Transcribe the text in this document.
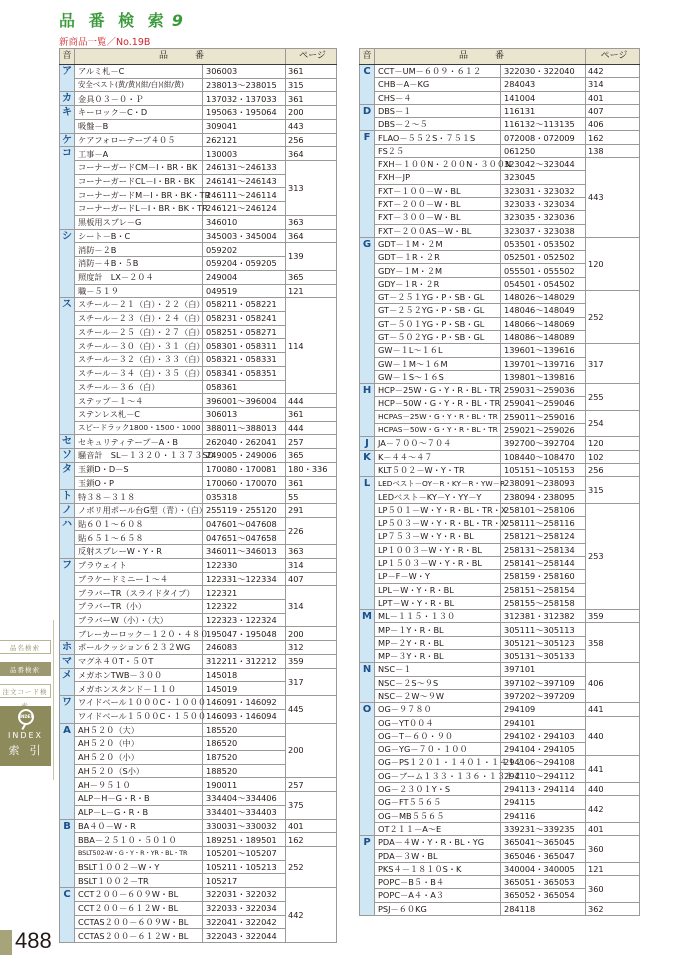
品 番 検 索 9
新商品一覧／No.19B
音	品　　　番		ページ
ア	アルミ札－C	306003	361
	安全ベスト(黄/黄)(紺/白)(紺/黄)	238013～238015	315
カ	金具０３－０・Ｐ	137032・137033	361
キ	キーロック－C・D	195063・195064	200
	吸盤－B	309041	443
ケ	ケアフォローテープ４０５	262121	256
コ	工事－A	130003	364
	コーナーガードCM－Ⅰ・BR・BK	246131～246133	313
	コーナーガードCL－Ⅰ・BR・BK	246141～246143	
	コーナーガードM－Ⅰ・BR・BK・TR	246111～246114	
	コーナーガードL－Ⅰ・BR・BK・TR	246121～246124	
	黒板用スプレ－G	346010	363
シ	シート－B・C	345003・345004	364
	消防－２B	059202	139
	消防－４B・５B	059204・059205	
	照度計　LX－２０４	249004	365
	職－５１９	049519	121
ス	スチール－２１（白）・２２（白）	058211・058221	114
	スチール－２３（白）・２４（白）	058231・058241	
	スチール－２５（白）・２７（白）	058251・058271	
	スチール－３０（白）・３１（白）	058301・058311	
	スチール－３２（白）・３３（白）	058321・058331	
	スチール－３４（白）・３５（白）	058341・058351	
	スチール－３６（白）	058361	
	ステップ－１～４	396001～396004	444
	ステンレス札－C	306013	361
	スピードラック1800・1500・1000	388011～388013	444
セ	セキュリティテープ－A・B	262040・262041	257
ソ	騒音計　SL－１３２０・１３７３SD	249005・249006	365
タ	玉鎖D・D－S	170080・170081	180・336
	玉鎖O・P	170060・170070	361
ト	特３８－３１８	035318	55
ノ	ノボリ用ポール台G型（青）・（白）	255119・255120	291
ハ	貼６０１～６０８	047601～047608	226
	貼６５１～６５８	047651～047658	
	反射スプレーW・Y・R	346011～346013	363
フ	プラウェイト	122330	314
	プラケードミニー１～４	122331～122334	407
	プラバーTR（スライドタイプ）	122321	314
	プラバーTR（小）	122322	
	プラバーW（小）・（大）	122323・122324	
	ブレーカーロック－１２０・４８０	195047・195048	200
ホ	ポールクッション６２３２WG	246083	312
マ	マグネ４０T・５０T	312211・312212	359
メ	メガホンTWB－３００	145018	317
	メガホンスタンド－１１０	145019	
ワ	ワイドベール１０００C・１０００	146091・146092	445
	ワイドベール１５００C・１５００	146093・146094	
A	AH５２０（大）	185520	200
	AH５２０（中）	186520	
	AH５２０（小）	187520	
	AH５２０（S小）	188520	
	AH－９５１０	190011	257
	ALP－H－G・R・B	334404～334406	375
	ALP－L－G・R・B	334401～334403	
B	BA４０－W・R	330031～330032	401
	BBA－２５１０・５０１０	189251・189501	162
	BSLT502-W・G・Y・R・YR・BL・TR	105201～105207	252
	BSLT１００２－W・Y	105211・105213	
	BSLT１００２－TR	105217	
C	CCT２００－６０９W・BL	322031・322032	442
	CCT２００－６１２W・BL	322033・322034	
	CCTAS２００－６０９W・BL	322041・322042	
	CCTAS２００－６１２W・BL	322043・322044	
音	品　　　番		ページ
C	CCT－UM－６０９・６１２	322030・322040	442
	CHB－A－KG	284043	314
	CHS－４	141004	401
D	DBS－１	116131	407
	DBS－２～５	116132～113135	406
F	FLAO－５５２S・７５１S	072008・072009	162
	FS２５	061250	138
	FXH－１００N・２００N・３００N	323042～323044	443
	FXH－JP	323045	
	FXT－１００－W・BL	323031・323032	
	FXT－２００－W・BL	323033・323034	
	FXT－３００－W・BL	323035・323036	
	FXT－２００AS－W・BL	323037・323038	
G	GDT－１M・２M	053501・053502	120
	GDT－１R・２R	052501・052502	
	GDY－１M・２M	055501・055502	
	GDY－１R・２R	054501・054502	
	GT－２５１YG・P・SB・GL	148026～148029	252
	GT－２５２YG・P・SB・GL	148046～148049	
	GT－５０１YG・P・SB・GL	148066～148069	
	GT－５０２YG・P・SB・GL	148086～148089	
	GW－１L～１６L	139601～139616	317
	GW－１M～１６M	139701～139716	
	GW－１S～１６S	139801～139816	
H	HCP－25W・G・Y・R・BL・TR	259031～259036	255
	HCP－50W・G・Y・R・BL・TR	259041～259046	
	HCPAS－25W・G・Y・R・BL・TR	259011～259016	254
	HCPAS－50W・G・Y・R・BL・TR	259021～259026	
J	JA－７００～７０４	392700～392704	120
K	K－４４～４７	108440～108470	102
	KLT５０２－W・Y・TR	105151～105153	256
L	LEDベスト－OY－R・KY－R・YW－R	238091～238093	315
	LEDベスト－KY－Y・YY－Y	238094・238095	
	LP５０１－W・Y・R・BL・TR・X	258101～258106	253
	LP５０３－W・Y・R・BL・TR・X	258111～258116	
	LP７５３－W・Y・R・BL	258121～258124	
	LP１００３－W・Y・R・BL	258131～258134	
	LP１５０３－W・Y・R・BL	258141～258144	
	LP－F－W・Y	258159・258160	
	LPL－W・Y・R・BL	258151～258154	
	LPT－W・Y・R・BL	258155～258158	
M	ML－１１５・１３０	312381・312382	359
	MP－１Y・R・BL	305111～305113	358
	MP－２Y・R・BL	305121～305123	
	MP－３Y・R・BL	305131～305133	
N	NSC－１	397101	406
	NSC－２S～９S	397102～397109	
	NSC－２W～９W	397202～397209	
O	OG－９７８０	294109	441
	OG－YT００４	294101	440
	OG－T－６０・９０	294102・294103	
	OG－YG－７０・１００	294104・294105	
	OG－PS１２０１・１４０１・１４１２	294106～294108	441
	OG－ブーム１３３・１３６・１３１２	294110～294112	
	OG－２３０１Y・S	294113・294114	440
	OG－FT５５６５	294115	442
	OG－MB５５６５	294116	
	OT２１１－A～E	339231～339235	401
P	PDA－４W・Y・R・BL・YG	365041～365045	360
	PDA－３W・BL	365046・365047	
	PKS４－１８１０S・K	340004・340005	121
	POPC－B５・B４	365051・365053	360
	POPC－A４・A３	365052・365054	
	PSJ－６０KG	284118	362
品名検索
品番検索
注文コード検
INDEX
INDEX
索引
488
